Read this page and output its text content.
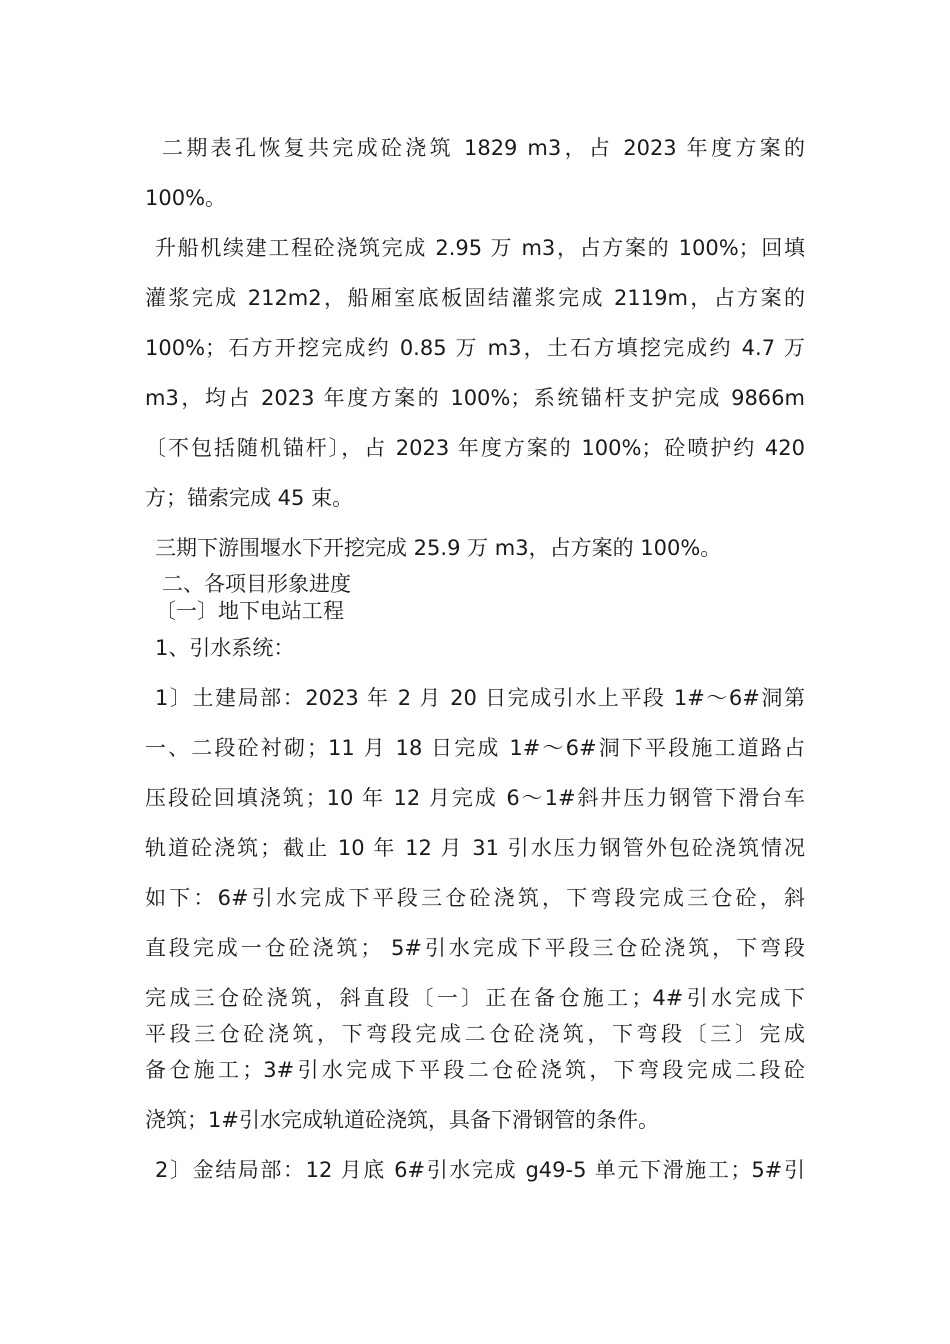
二期表孔恢复共完成砼浇筑 1829 m3，占 2023 年度方案的
100%。
升船机续建工程砼浇筑完成 2.95 万 m3，占方案的 100%；回填
灌浆完成 212m2，船厢室底板固结灌浆完成 2119m，占方案的
100%；石方开挖完成约 0.85 万 m3，土石方填挖完成约 4.7 万
m3，均占 2023 年度方案的 100%；系统锚杆支护完成 9866m
〔不包括随机锚杆〕，占 2023 年度方案的 100%；砼喷护约 420
方；锚索完成 45 束。
三期下游围堰水下开挖完成 25.9 万 m3，占方案的 100%。
二、各项目形象进度
〔一〕地下电站工程
1、引水系统：
1〕土建局部：2023 年 2 月 20 日完成引水上平段 1#～6#洞第
一、二段砼衬砌；11 月 18 日完成 1#～6#洞下平段施工道路占
压段砼回填浇筑；10 年 12 月完成 6～1#斜井压力钢管下滑台车
轨道砼浇筑；截止 10 年 12 月 31 引水压力钢管外包砼浇筑情况
如下：6#引水完成下平段三仓砼浇筑，下弯段完成三仓砼，斜
直段完成一仓砼浇筑； 5#引水完成下平段三仓砼浇筑，下弯段
完成三仓砼浇筑，斜直段〔一〕正在备仓施工；4#引水完成下
平段三仓砼浇筑，下弯段完成二仓砼浇筑，下弯段〔三〕完成
备仓施工；3#引水完成下平段二仓砼浇筑，下弯段完成二段砼
浇筑；1#引水完成轨道砼浇筑，具备下滑钢管的条件。
2〕金结局部：12 月底 6#引水完成 g49-5 单元下滑施工；5#引
